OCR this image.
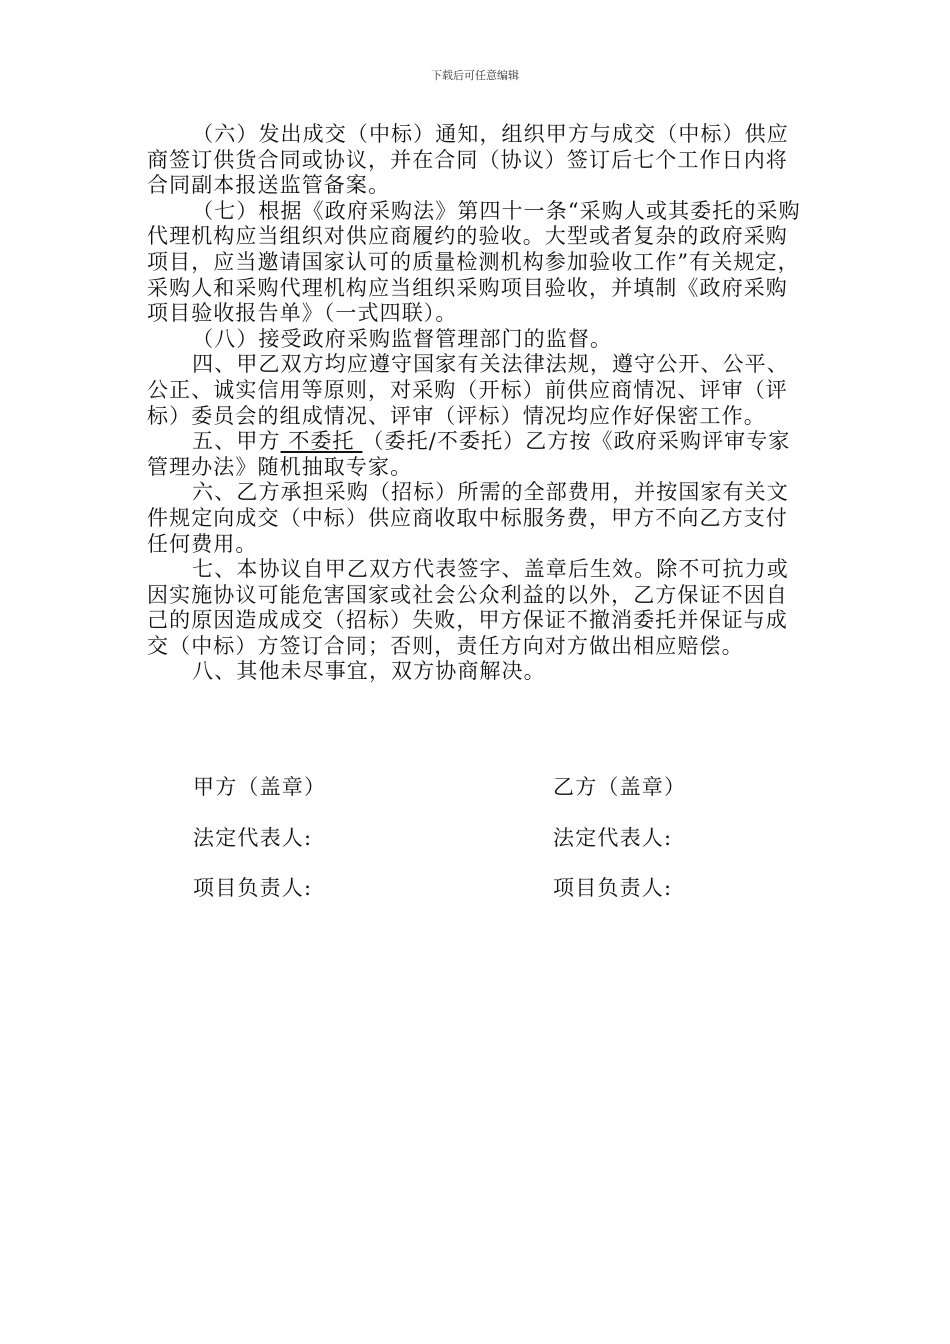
下载后可任意编辑

（六）发出成交（中标）通知，组织甲方与成交（中标）供应商签订供货合同或协议，并在合同（协议）签订后七个工作日内将合同副本报送监管备案。

（七）根据《政府采购法》第四十一条“采购人或其委托的采购代理机构应当组织对供应商履约的验收。大型或者复杂的政府采购项目，应当邀请国家认可的质量检测机构参加验收工作”有关规定，采购人和采购代理机构应当组织采购项目验收，并填制《政府采购项目验收报告单》（一式四联）。

（八）接受政府采购监督管理部门的监督。

四、甲乙双方均应遵守国家有关法律法规，遵守公开、公平、公正、诚实信用等原则，对采购（开标）前供应商情况、评审（评标）委员会的组成情况、评审（评标）情况均应作好保密工作。

五、甲方 不委托 （委托/不委托）乙方按《政府采购评审专家管理办法》随机抽取专家。

六、乙方承担采购（招标）所需的全部费用，并按国家有关文件规定向成交（中标）供应商收取中标服务费，甲方不向乙方支付任何费用。

七、本协议自甲乙双方代表签字、盖章后生效。除不可抗力或因实施协议可能危害国家或社会公众利益的以外，乙方保证不因自己的原因造成成交（招标）失败，甲方保证不撤消委托并保证与成交（中标）方签订合同；否则，责任方向对方做出相应赔偿。

八、其他未尽事宜，双方协商解决。

甲方（盖章）	乙方（盖章）
法定代表人:	法定代表人:
项目负责人:	项目负责人:
